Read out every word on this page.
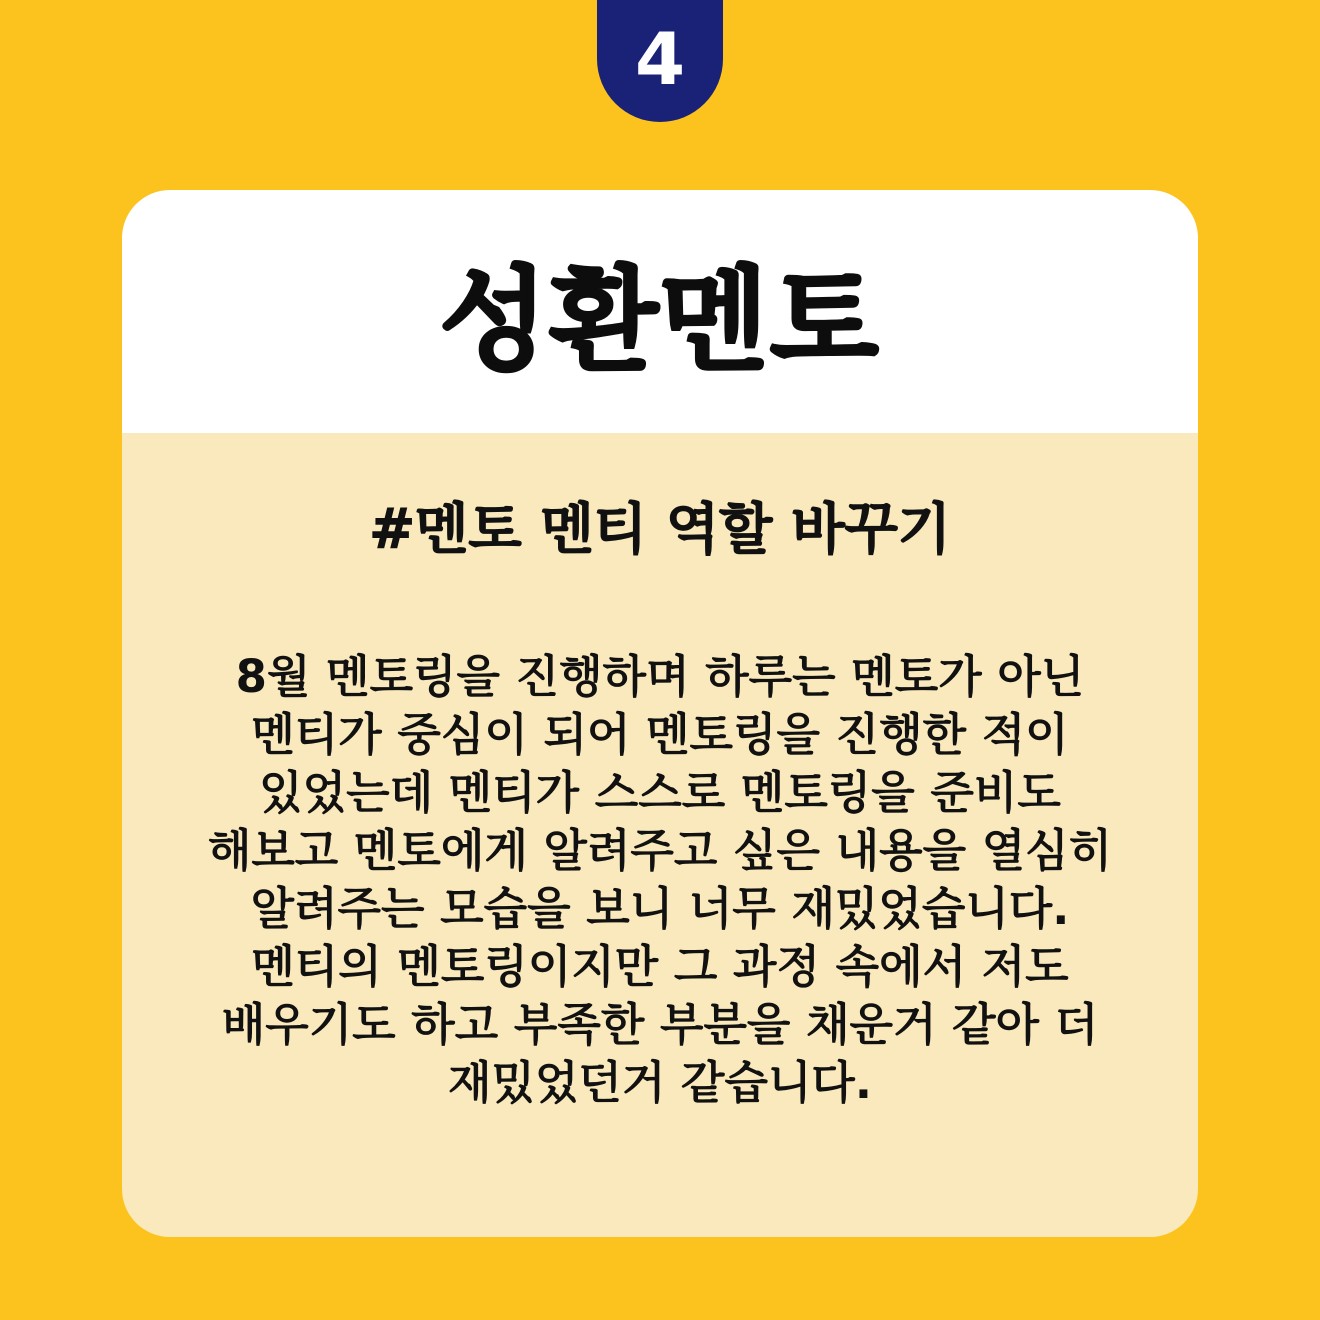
4
성환멘토
#멘토 멘티 역할 바꾸기
8월 멘토링을 진행하며 하루는 멘토가 아닌
멘티가 중심이 되어 멘토링을 진행한 적이
있었는데 멘티가 스스로 멘토링을 준비도
해보고 멘토에게 알려주고 싶은 내용을 열심히
알려주는 모습을 보니 너무 재밌었습니다.
멘티의 멘토링이지만 그 과정 속에서 저도
배우기도 하고 부족한 부분을 채운거 같아 더
재밌었던거 같습니다.
